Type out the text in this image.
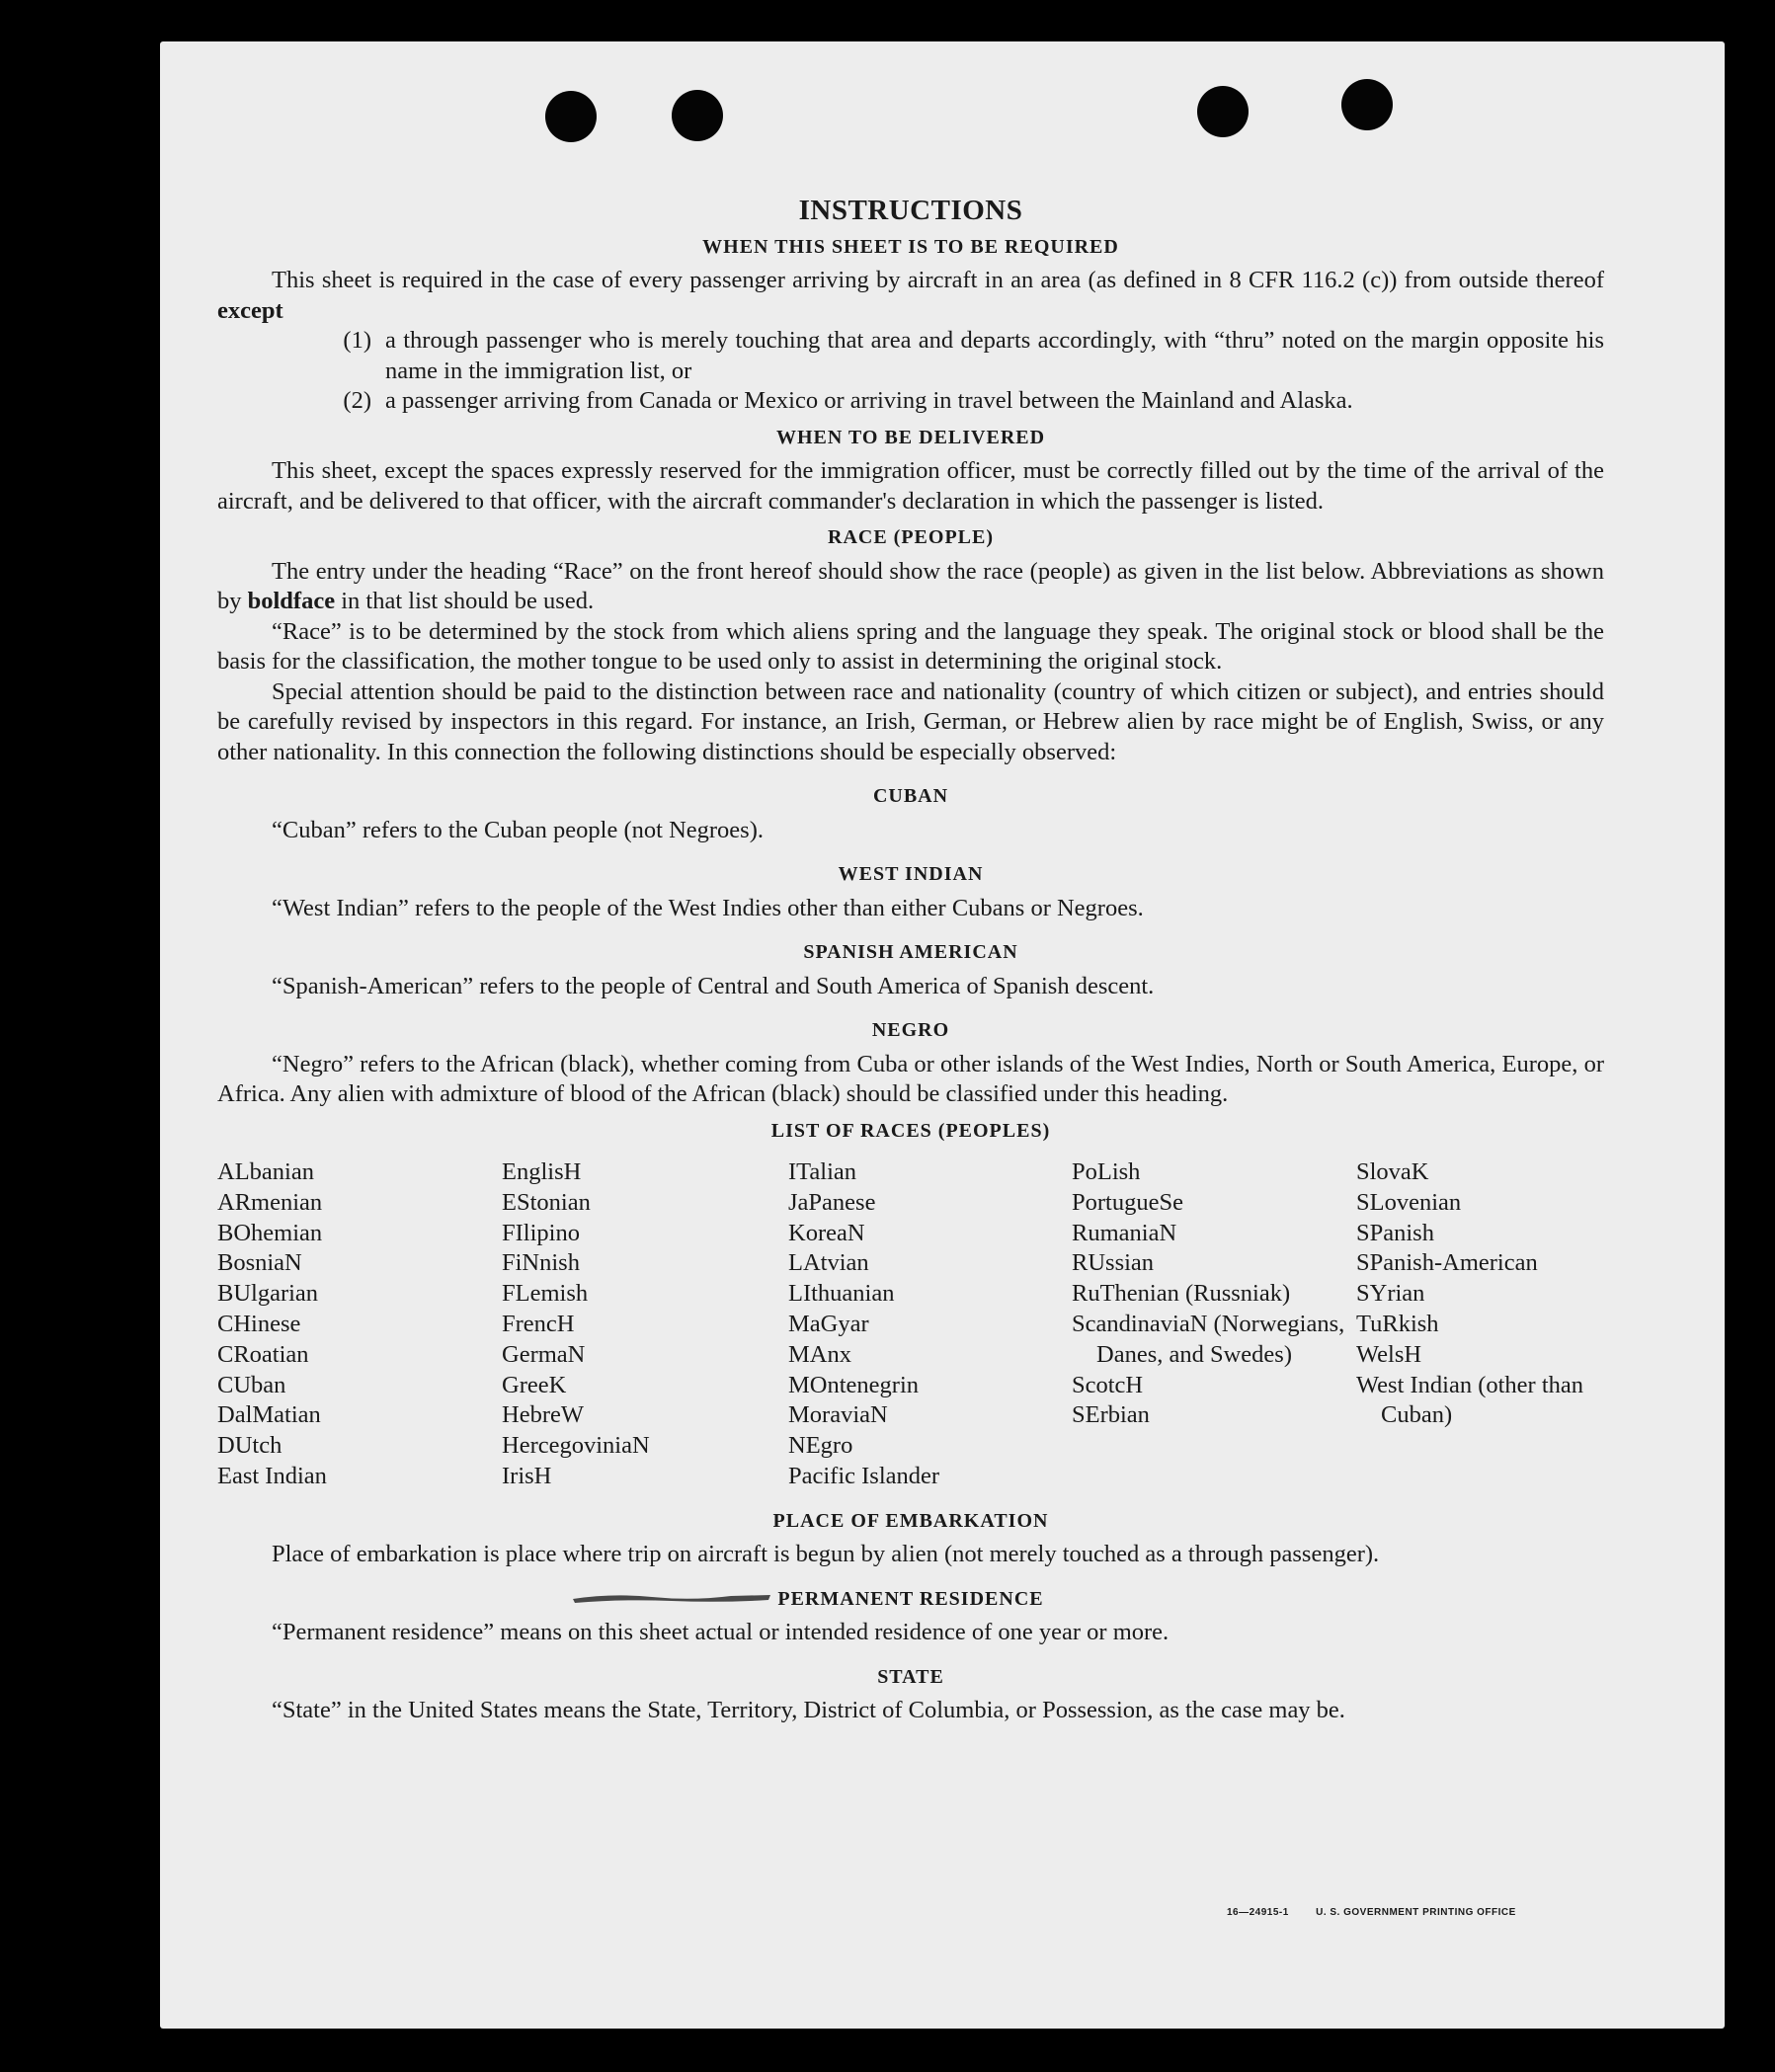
INSTRUCTIONS
WHEN THIS SHEET IS TO BE REQUIRED

This sheet is required in the case of every passenger arriving by aircraft in an area (as defined in 8 CFR 116.2 (c)) from outside thereof except

(1) a through passenger who is merely touching that area and departs accordingly, with “thru” noted on the margin opposite his name in the immigration list, or
(2) a passenger arriving from Canada or Mexico or arriving in travel between the Mainland and Alaska.
WHEN TO BE DELIVERED

This sheet, except the spaces expressly reserved for the immigration officer, must be correctly filled out by the time of the arrival of the aircraft, and be delivered to that officer, with the aircraft commander's declaration in which the passenger is listed.

RACE (PEOPLE)

The entry under the heading “Race” on the front hereof should show the race (people) as given in the list below. Abbreviations as shown by boldface in that list should be used.

“Race” is to be determined by the stock from which aliens spring and the language they speak. The original stock or blood shall be the basis for the classification, the mother tongue to be used only to assist in determining the original stock.

Special attention should be paid to the distinction between race and nationality (country of which citizen or subject), and entries should be carefully revised by inspectors in this regard. For instance, an Irish, German, or Hebrew alien by race might be of English, Swiss, or any other nationality. In this connection the following distinctions should be especially observed:

CUBAN

“Cuban” refers to the Cuban people (not Negroes).

WEST INDIAN

“West Indian” refers to the people of the West Indies other than either Cubans or Negroes.

SPANISH AMERICAN

“Spanish-American” refers to the people of Central and South America of Spanish descent.

NEGRO

“Negro” refers to the African (black), whether coming from Cuba or other islands of the West Indies, North or South America, Europe, or Africa. Any alien with admixture of blood of the African (black) should be classified under this heading.

LIST OF RACES (PEOPLES)
ALbanian
ARmenian
BOhemian
BosniaN
BUlgarian
CHinese
CRoatian
CUban
DalMatian
DUtch
East Indian
EnglisH
EStonian
FIlipino
FiNnish
FLemish
FrencH
GermaN
GreeK
HebreW
HercegoviniaN
IrisH
ITalian
JaPanese
KoreaN
LAtvian
LIthuanian
MaGyar
MAnx
MOntenegrin
MoraviaN
NEgro
Pacific Islander
PoLish
PortugueSe
RumaniaN
RUssian
RuThenian (Russniak)
ScandinaviaN (Norwegians, Danes, and Swedes)
ScotcH
SErbian
SlovaK
SLovenian
SPanish
SPanish-American
SYrian
TuRkish
WelsH
West Indian (other than Cuban)
PLACE OF EMBARKATION

Place of embarkation is place where trip on aircraft is begun by alien (not merely touched as a through passenger).

PERMANENT RESIDENCE

“Permanent residence” means on this sheet actual or intended residence of one year or more.

STATE

“State” in the United States means the State, Territory, District of Columbia, or Possession, as the case may be.

16—24915-1	U. S. GOVERNMENT PRINTING OFFICE
